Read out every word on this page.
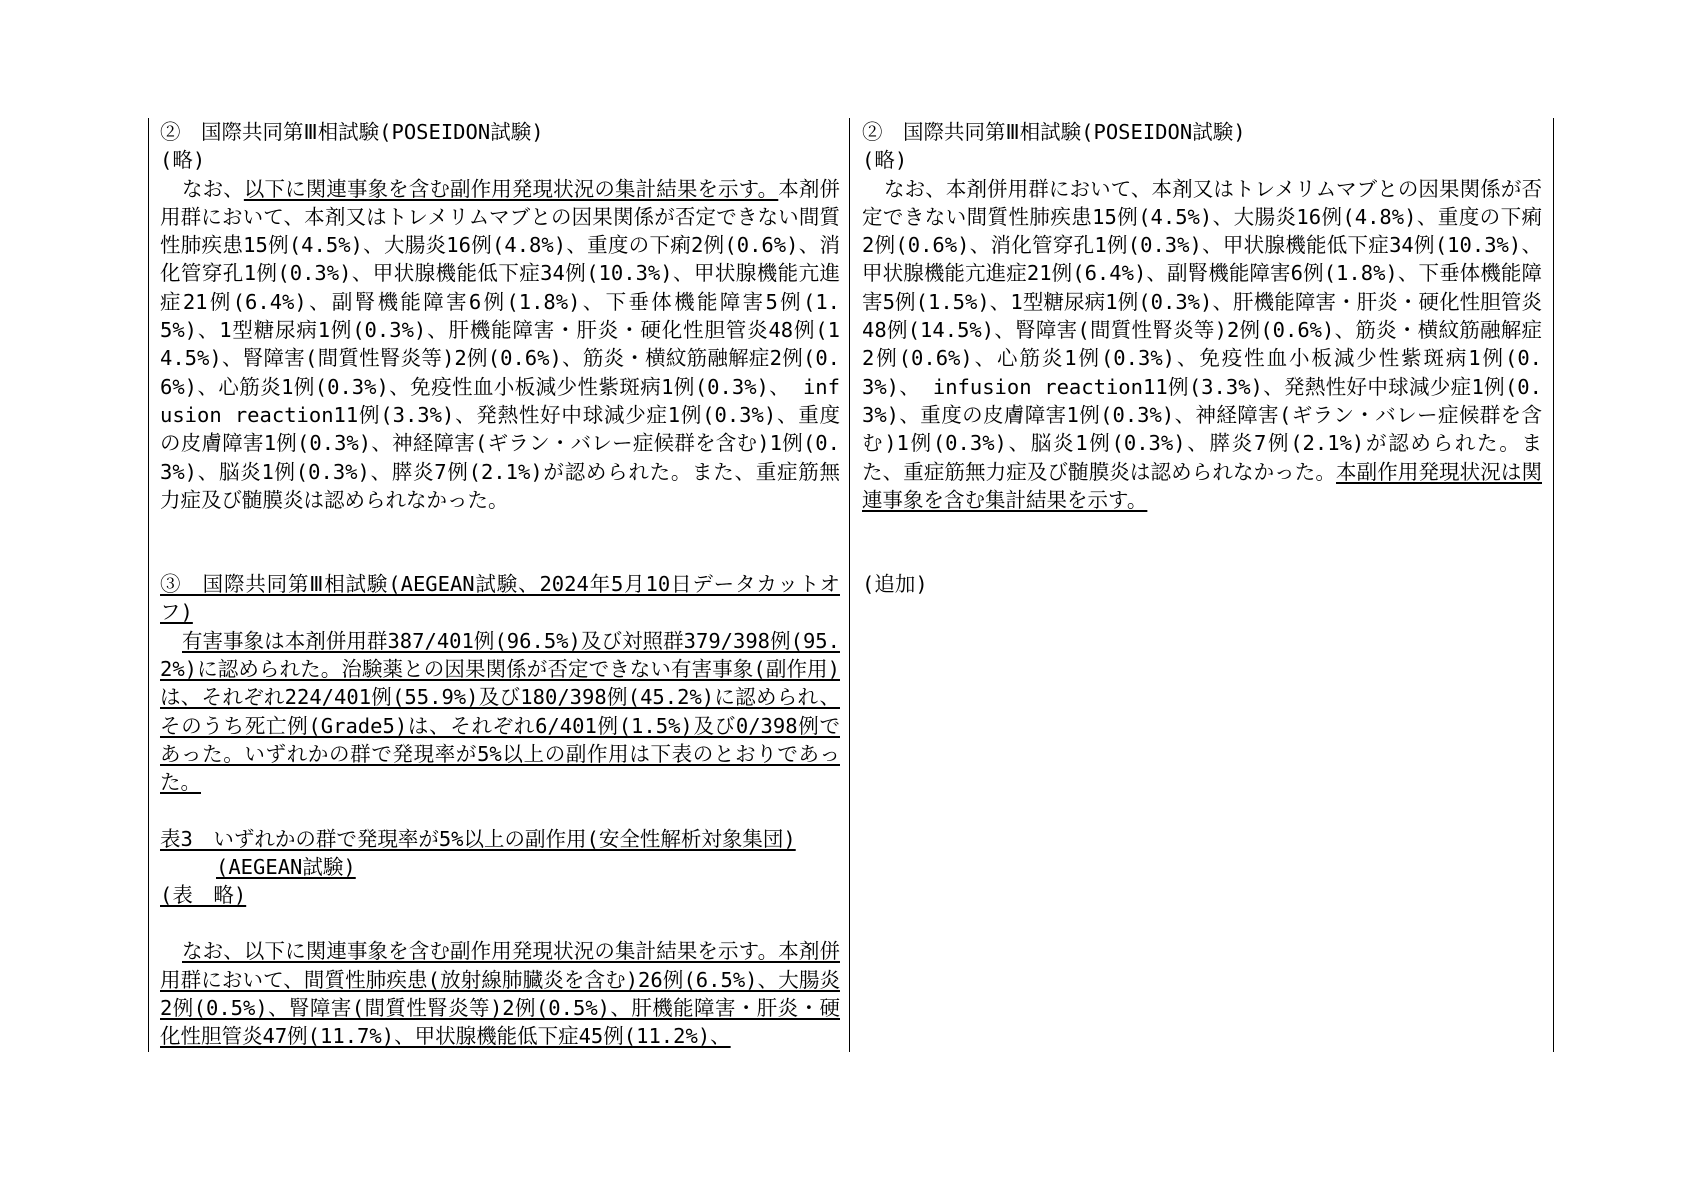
②　国際共同第Ⅲ相試験(POSEIDON試験)

(略)

なお、以下に関連事象を含む副作用発現状況の集計結果を示す。本剤併用群において、本剤又はトレメリムマブとの因果関係が否定できない間質性肺疾患15例(4.5%)、大腸炎16例(4.8%)、重度の下痢2例(0.6%)、消化管穿孔1例(0.3%)、甲状腺機能低下症34例(10.3%)、甲状腺機能亢進症21例(6.4%)、副腎機能障害6例(1.8%)、下垂体機能障害5例(1.5%)、1型糖尿病1例(0.3%)、肝機能障害・肝炎・硬化性胆管炎48例(14.5%)、腎障害(間質性腎炎等)2例(0.6%)、筋炎・横紋筋融解症2例(0.6%)、心筋炎1例(0.3%)、免疫性血小板減少性紫斑病1例(0.3%)、 infusion reaction11例(3.3%)、発熱性好中球減少症1例(0.3%)、重度の皮膚障害1例(0.3%)、神経障害(ギラン・バレー症候群を含む)1例(0.3%)、脳炎1例(0.3%)、膵炎7例(2.1%)が認められた。また、重症筋無力症及び髄膜炎は認められなかった。

③　国際共同第Ⅲ相試験(AEGEAN試験、2024年5月10日データカットオフ)

有害事象は本剤併用群387/401例(96.5%)及び対照群379/398例(95.2%)に認められた。治験薬との因果関係が否定できない有害事象(副作用)は、それぞれ224/401例(55.9%)及び180/398例(45.2%)に認められ、そのうち死亡例(Grade5)は、それぞれ6/401例(1.5%)及び0/398例であった。いずれかの群で発現率が5%以上の副作用は下表のとおりであった。

表3　いずれかの群で発現率が5%以上の副作用(安全性解析対象集団)

(AEGEAN試験)

(表　略)

なお、以下に関連事象を含む副作用発現状況の集計結果を示す。本剤併用群において、間質性肺疾患(放射線肺臓炎を含む)26例(6.5%)、大腸炎2例(0.5%)、腎障害(間質性腎炎等)2例(0.5%)、肝機能障害・肝炎・硬化性胆管炎47例(11.7%)、甲状腺機能低下症45例(11.2%)、

②　国際共同第Ⅲ相試験(POSEIDON試験)

(略)

なお、本剤併用群において、本剤又はトレメリムマブとの因果関係が否定できない間質性肺疾患15例(4.5%)、大腸炎16例(4.8%)、重度の下痢2例(0.6%)、消化管穿孔1例(0.3%)、甲状腺機能低下症34例(10.3%)、甲状腺機能亢進症21例(6.4%)、副腎機能障害6例(1.8%)、下垂体機能障害5例(1.5%)、1型糖尿病1例(0.3%)、肝機能障害・肝炎・硬化性胆管炎48例(14.5%)、腎障害(間質性腎炎等)2例(0.6%)、筋炎・横紋筋融解症2例(0.6%)、心筋炎1例(0.3%)、免疫性血小板減少性紫斑病1例(0.3%)、 infusion reaction11例(3.3%)、発熱性好中球減少症1例(0.3%)、重度の皮膚障害1例(0.3%)、神経障害(ギラン・バレー症候群を含む)1例(0.3%)、脳炎1例(0.3%)、膵炎7例(2.1%)が認められた。また、重症筋無力症及び髄膜炎は認められなかった。本副作用発現状況は関連事象を含む集計結果を示す。

(追加)
